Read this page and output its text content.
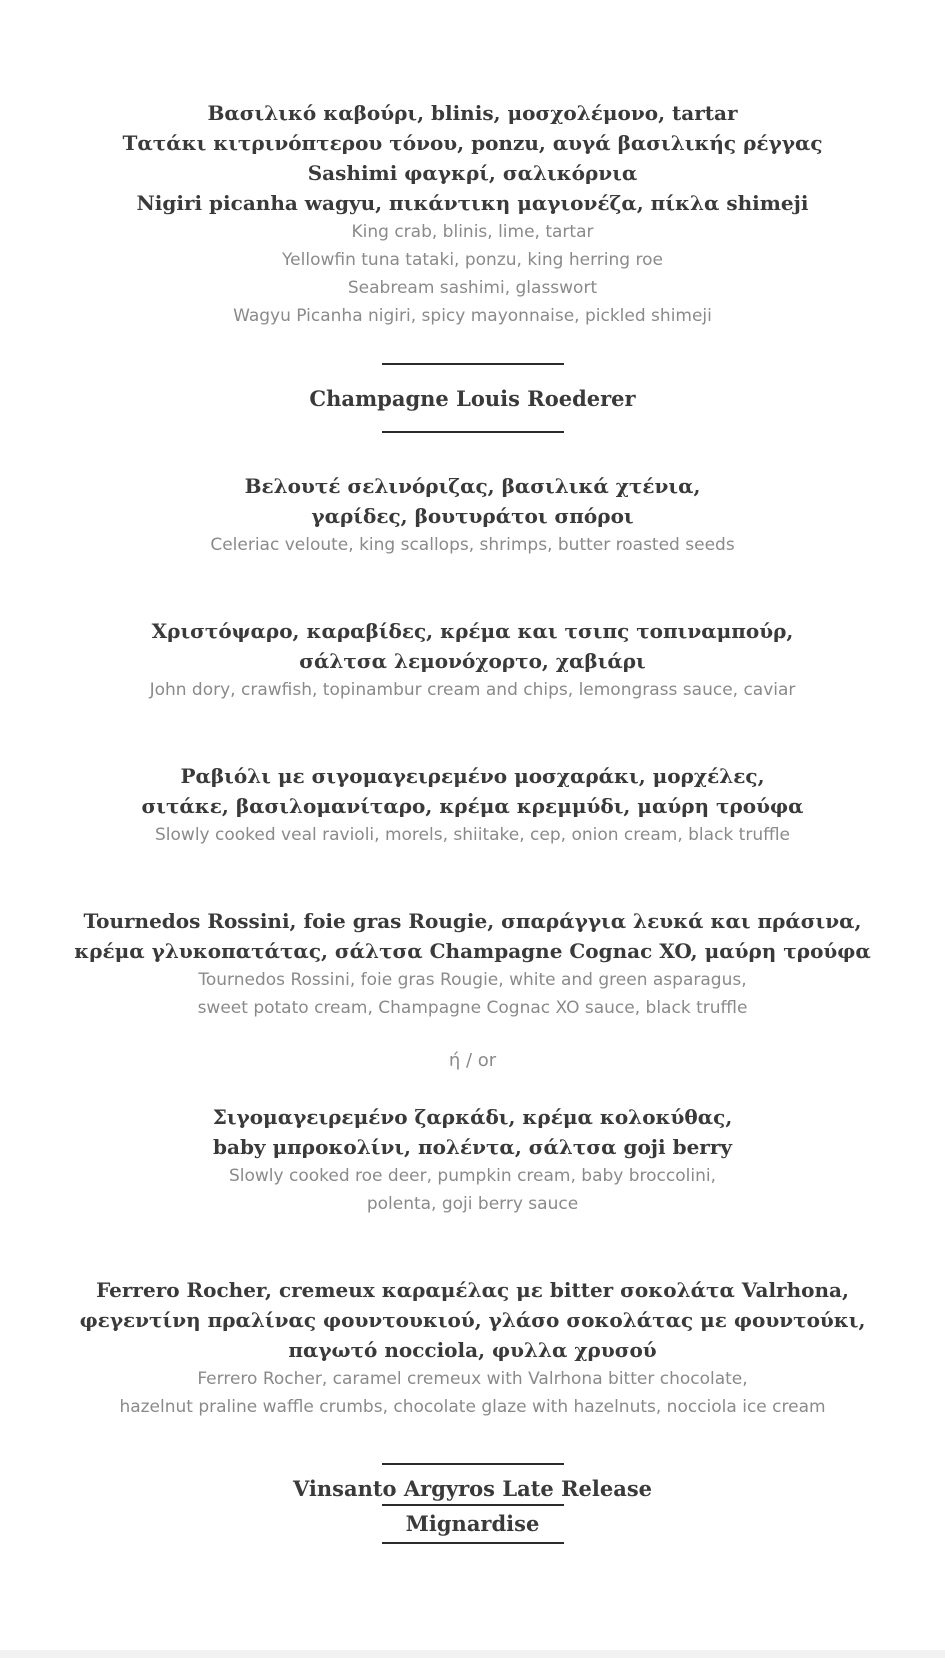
Βασιλικό καβούρι, blinis, μοσχολέμονο, tartar
Τατάκι κιτρινόπτερου τόνου, ponzu, αυγά βασιλικής ρέγγας
Sashimi φαγκρί, σαλικόρνια
Nigiri picanha wagyu, πικάντικη μαγιονέζα, πίκλα shimeji
King crab, blinis, lime, tartar
Yellowfin tuna tataki, ponzu, king herring roe
Seabream sashimi, glasswort
Wagyu Picanha nigiri, spicy mayonnaise, pickled shimeji
Champagne Louis Roederer
Βελουτέ σελινόριζας, βασιλικά χτένια,
γαρίδες, βουτυράτοι σπόροι
Celeriac veloute, king scallops, shrimps, butter roasted seeds
Χριστόψαρο, καραβίδες, κρέμα και τσιπς τοπιναμπούρ,
σάλτσα λεμονόχορτο, χαβιάρι
John dory, crawfish, topinambur cream and chips, lemongrass sauce, caviar
Ραβιόλι με σιγομαγειρεμένο μοσχαράκι, μορχέλες,
σιτάκε, βασιλομανίταρο, κρέμα κρεμμύδι, μαύρη τρούφα
Slowly cooked veal ravioli, morels, shiitake, cep, onion cream, black truffle
Tournedos Rossini, foie gras Rougie, σπαράγγια λευκά και πράσινα,
κρέμα γλυκοπατάτας, σάλτσα Champagne Cognac XO, μαύρη τρούφα
Tournedos Rossini, foie gras Rougie, white and green asparagus,
sweet potato cream, Champagne Cognac XO sauce, black truffle
ή / or
Σιγομαγειρεμένο ζαρκάδι, κρέμα κολοκύθας,
baby μπροκολίνι, πολέντα, σάλτσα goji berry
Slowly cooked roe deer, pumpkin cream, baby broccolini,
polenta, goji berry sauce
Ferrero Rocher, cremeux καραμέλας με bitter σοκολάτα Valrhona,
φεγεντίνη πραλίνας φουντουκιού, γλάσο σοκολάτας με φουντούκι,
παγωτό nocciola, φυλλα χρυσού
Ferrero Rocher, caramel cremeux with Valrhona bitter chocolate,
hazelnut praline waffle crumbs, chocolate glaze with hazelnuts, nocciola ice cream
Vinsanto Argyros Late Release
Mignardise
